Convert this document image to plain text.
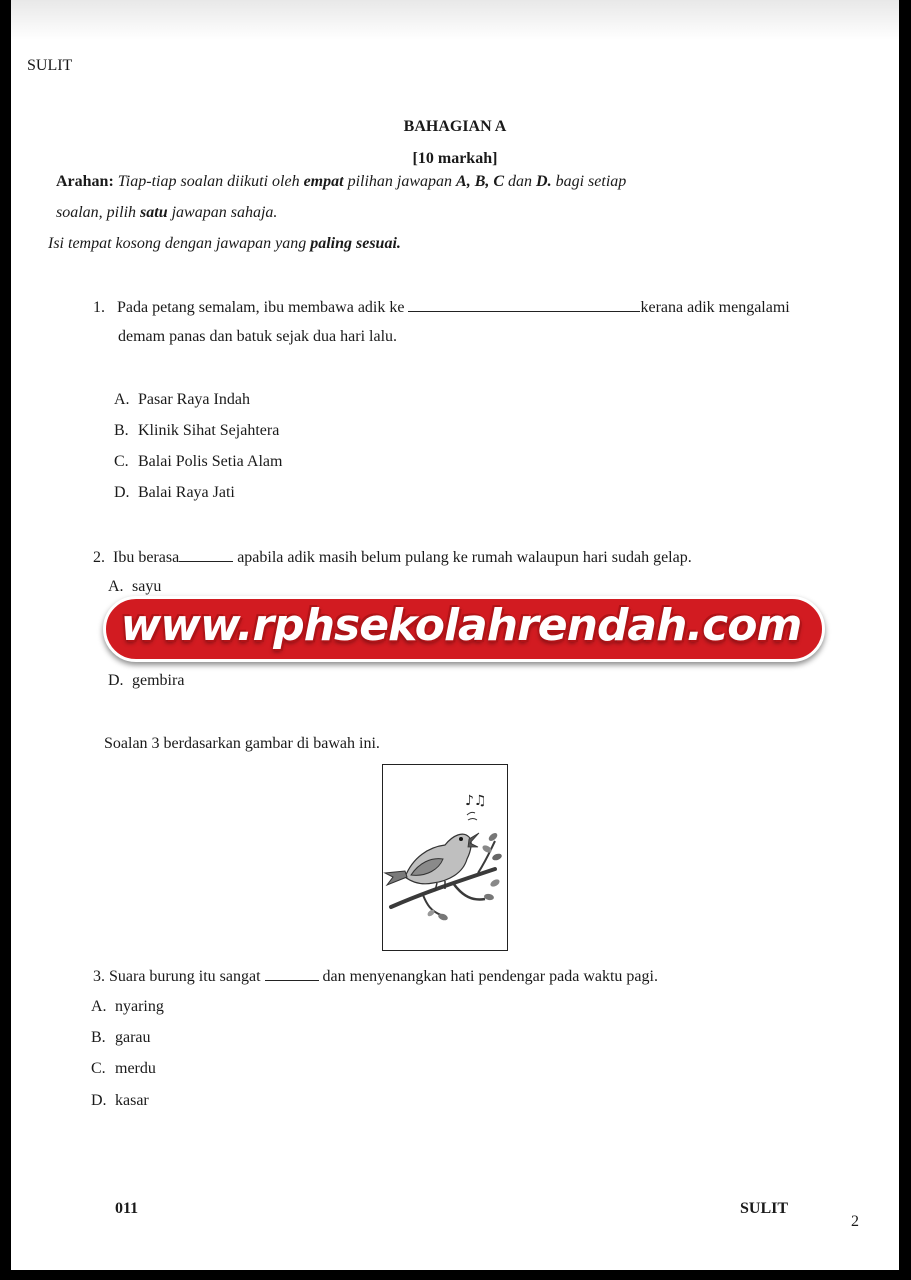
SULIT
BAHAGIAN A
[10 markah]
Arahan: Tiap-tiap soalan diikuti oleh empat pilihan jawapan A, B, C dan D. bagi setiap
soalan, pilih satu jawapan sahaja.
Isi tempat kosong dengan jawapan yang paling sesuai.
1. Pada petang semalam, ibu membawa adik ke	kerana adik mengalami
demam panas dan batuk sejak dua hari lalu.
A. Pasar Raya Indah
B. Klinik Sihat Sejahtera
C. Balai Polis Setia Alam
D. Balai Raya Jati
2. Ibu berasa	apabila adik masih belum pulang ke rumah walaupun hari sudah gelap.
A. sayu
www.rphsekolahrendah.com
D. gembira
Soalan 3 berdasarkan gambar di bawah ini.
♪♫
3. Suara burung itu sangat	dan menyenangkan hati pendengar pada waktu pagi.
A. nyaring
B. garau
C. merdu
D. kasar
011	SULIT
2
